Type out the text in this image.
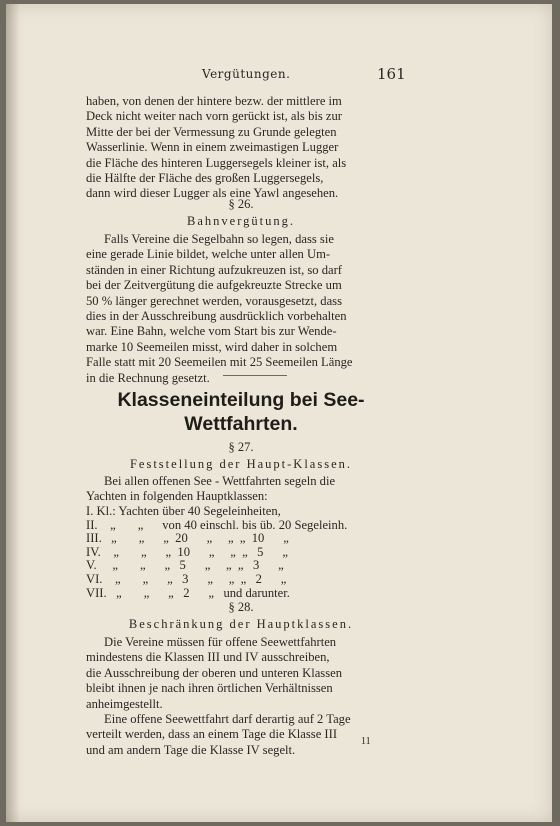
Vergütungen.	161

haben, von denen der hintere bezw. der mittlere im

Deck nicht weiter nach vorn gerückt ist, als bis zur

Mitte der bei der Vermessung zu Grunde gelegten

Wasserlinie. Wenn in einem zweimastigen Lugger

die Fläche des hinteren Luggersegels kleiner ist, als

die Hälfte der Fläche des großen Luggersegels,

dann wird dieser Lugger als eine Yawl angesehen.

§ 26.
Bahnvergütung.

Falls Vereine die Segelbahn so legen, dass sie

eine gerade Linie bildet, welche unter allen Um-

ständen in einer Richtung aufzukreuzen ist, so darf

bei der Zeitvergütung die aufgekreuzte Strecke um

50 % länger gerechnet werden, vorausgesetzt, dass

dies in der Ausschreibung ausdrücklich vorbehalten

war. Eine Bahn, welche vom Start bis zur Wende-

marke 10 Seemeilen misst, wird daher in solchem

Falle statt mit 20 Seemeilen mit 25 Seemeilen Länge

in die Rechnung gesetzt.

Klasseneinteilung bei See-
Wettfahrten.
§ 27.
Feststellung der Haupt-Klassen.

Bei allen offenen See - Wettfahrten segeln die

Yachten in folgenden Hauptklassen:

I. Kl.: Yachten über 40 Segeleinheiten,
II.    „       „      von 40 einschl. bis üb. 20 Segeleinh.
III.   „       „      „  20      „     „  „  10      „
IV.    „       „      „  10      „     „  „   5      „
V.     „       „      „   5      „     „  „   3      „
VI.    „       „      „   3      „     „  „   2      „
VII.   „       „      „   2      „   und darunter.
§ 28.
Beschränkung der Hauptklassen.

Die Vereine müssen für offene Seewettfahrten

mindestens die Klassen III und IV ausschreiben,

die Ausschreibung der oberen und unteren Klassen

bleibt ihnen je nach ihren örtlichen Verhältnissen

anheimgestellt.

Eine offene Seewettfahrt darf derartig auf 2 Tage

verteilt werden, dass an einem Tage die Klasse III

und am andern Tage die Klasse IV segelt.

11
